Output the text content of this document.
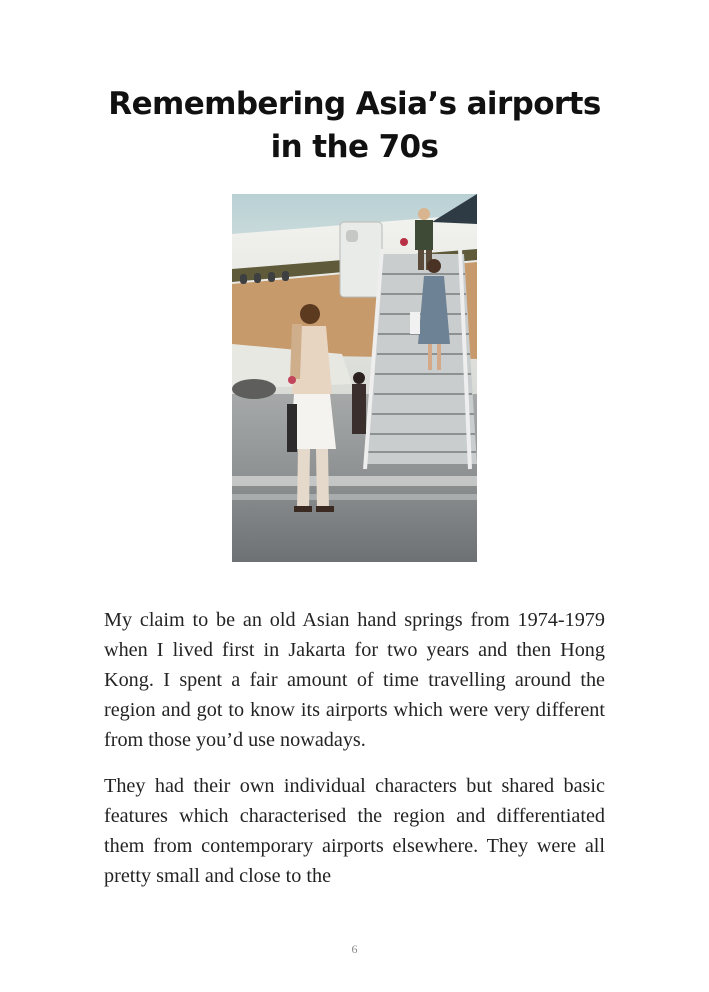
Remembering Asia’s airports
in the 70s

My claim to be an old Asian hand springs from 1974-1979 when I lived first in Jakarta for two years and then Hong Kong. I spent a fair amount of time travelling around the region and got to know its airports which were very different from those you’d use nowadays.

They had their own individual characters but shared basic features which characterised the region and differentiated them from contemporary airports elsewhere. They were all pretty small and close to the

6
